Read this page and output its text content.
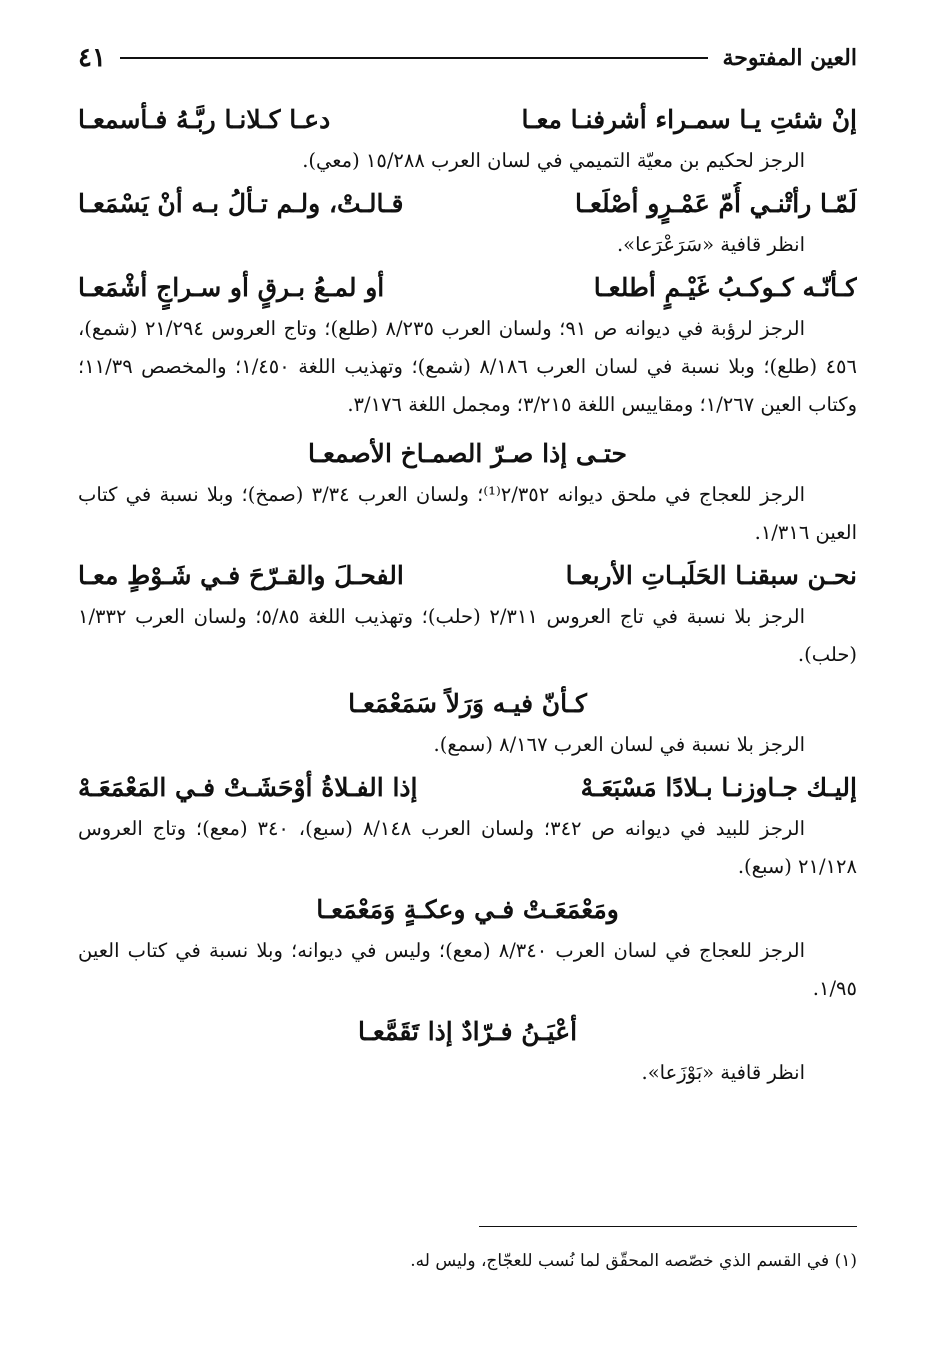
العين المفتوحة
٤١
إنْ شئتِ يـا سمـراء أشرفنـا معـا
دعـا كـلانـا ربَّـهُ فـأسمعـا
الرجز لحكيم بن معيّة التميمي في لسان العرب ١٥/٢٨٨ (معي).
لَمّـا رأتْنـي أُمّ عَمْـرٍو أصْلَعـا
قـالـتْ، ولـم تـألُ بـه أنْ يَسْمَعـا
انظر قافية «سَرَعْرَعا».
كـأنّـه كـوكـبُ غَيْـمٍ أطلعـا
أو لمـعُ بـرقٍ أو سـراجٍ أشْمَعـا
الرجز لرؤبة في ديوانه ص ٩١؛ ولسان العرب ٨/٢٣٥ (طلع)؛ وتاج العروس ٢١/٢٩٤ (شمع)، ٤٥٦ (طلع)؛ وبلا نسبة في لسان العرب ٨/١٨٦ (شمع)؛ وتهذيب اللغة ١/٤٥٠؛ والمخصص ١١/٣٩؛ وكتاب العين ١/٢٦٧؛ ومقاييس اللغة ٣/٢١٥؛ ومجمل اللغة ٣/١٧٦.
حتـى إذا صـرّ الصمـاخ الأصمعـا
الرجز للعجاج في ملحق ديوانه ٢/٣٥٢⁽¹⁾؛ ولسان العرب ٣/٣٤ (صمخ)؛ وبلا نسبة في كتاب العين ١/٣١٦.
نحـن سبقنـا الحَلَبـاتِ الأربعـا
الفحـلَ والقـرّحَ فـي شَـوْطٍ معـا
الرجز بلا نسبة في تاج العروس ٢/٣١١ (حلب)؛ وتهذيب اللغة ٥/٨٥؛ ولسان العرب ١/٣٣٢ (حلب).
كـأنّ فيـه وَرَلاً سَمَعْمَعـا
الرجز بلا نسبة في لسان العرب ٨/١٦٧ (سمع).
إليـك جـاوزنـا بـلادًا مَسْبَعَـهْ
إذا الفـلاةُ أوْحَشَـتْ فـي المَعْمَعَـهْ
الرجز للبيد في ديوانه ص ٣٤٢؛ ولسان العرب ٨/١٤٨ (سبع)، ٣٤٠ (معع)؛ وتاج العروس ٢١/١٢٨ (سبع).
ومَعْمَعَـتْ فـي وعكـةٍ وَمَعْمَعـا
الرجز للعجاج في لسان العرب ٨/٣٤٠ (معع)؛ وليس في ديوانه؛ وبلا نسبة في كتاب العين ١/٩٥.
أعْيَـنُ فـرّادٌ إذا تَقَمَّعـا
انظر قافية «بَوْزَعا».
(١) في القسم الذي خصّصه المحقّق لما نُسب للعجّاج، وليس له.
